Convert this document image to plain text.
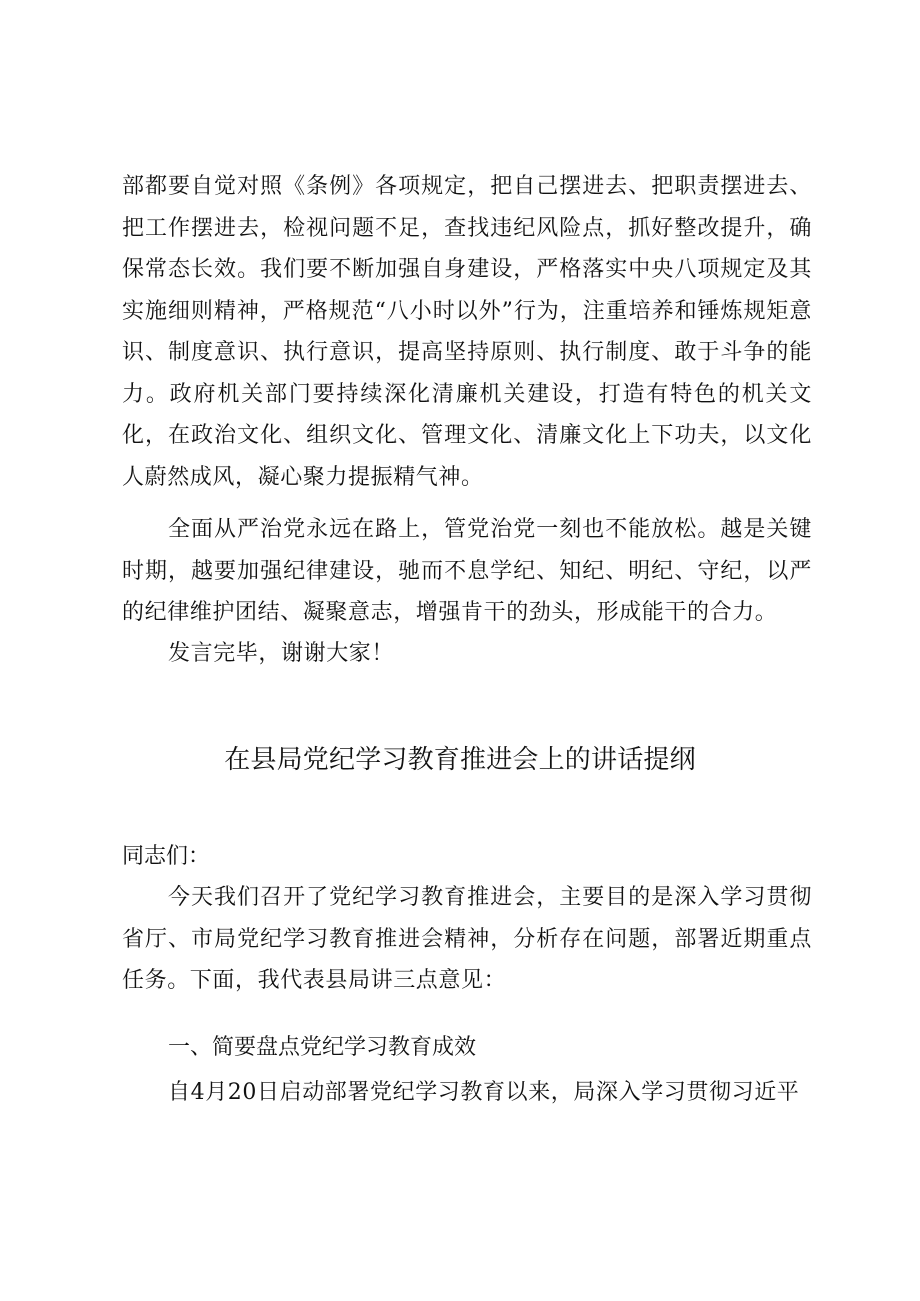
部都要自觉对照《条例》各项规定，把自己摆进去、把职责摆进去、把工作摆进去，检视问题不足，查找违纪风险点，抓好整改提升，确保常态长效。我们要不断加强自身建设，严格落实中央八项规定及其实施细则精神，严格规范“八小时以外”行为，注重培养和锤炼规矩意识、制度意识、执行意识，提高坚持原则、执行制度、敢于斗争的能力。政府机关部门要持续深化清廉机关建设，打造有特色的机关文化，在政治文化、组织文化、管理文化、清廉文化上下功夫，以文化人蔚然成风，凝心聚力提振精气神。
全面从严治党永远在路上，管党治党一刻也不能放松。越是关键时期，越要加强纪律建设，驰而不息学纪、知纪、明纪、守纪，以严的纪律维护团结、凝聚意志，增强肯干的劲头，形成能干的合力。
发言完毕，谢谢大家！
在县局党纪学习教育推进会上的讲话提纲
同志们：
今天我们召开了党纪学习教育推进会，主要目的是深入学习贯彻省厅、市局党纪学习教育推进会精神，分析存在问题，部署近期重点任务。下面，我代表县局讲三点意见：
一、简要盘点党纪学习教育成效
自4月20日启动部署党纪学习教育以来，局深入学习贯彻习近平
